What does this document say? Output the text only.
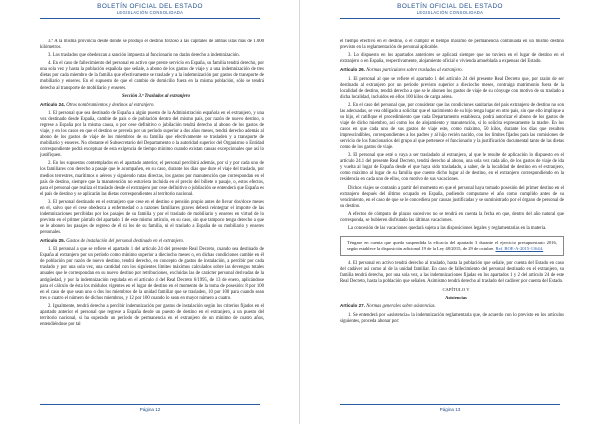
BOLETÍN OFICIAL DEL ESTADO
LEGISLACIÓN CONSOLIDADA

3.º A la misma provincia desde donde se produjo el destino forzoso a las capitales de ambas islas más de 1.000 kilómetros.

3. Los traslados que obedezcan a sanción impuesta al funcionario no darán derecho a indemnización.

4. En el caso de fallecimiento del personal en activo que preste servicio en España, su familia tendrá derecho, por una sola vez y hasta la población española que señale, a abono de los gastos de viaje y a una indemnización de tres dietas por cada miembro de la familia que efectivamente se traslade y a la indemnización por gastos de transporte de mobiliario y enseres. En el supuesto de que el cambio de domicilio fuera en la misma población, sólo se tendrá derecho al transporte de mobiliario y enseres.

Sección 3.ª Traslados al extranjero

Artículo 24. Otros nombramientos y destinos al extranjero.

1. El personal que sea destinado de España a algún puesto de la Administración española en el extranjero, y una vez destinado desde España, cambie de país o de población dentro del mismo país, por razón de nuevo destino, o regrese a España por la misma causa, o por cese definitivo o jubilación tendrá derecho al abono de los gastos de viaje, y en los casos en que el destino se preveía por un período superior a dos años meses, tendrá derecho además al abono de los gastos de viaje de los miembros de su familia que efectivamente se trasladen y a transporte de mobiliario y enseres. No obstante el Subsecretario del Departamento o la autoridad superior del Organismo o Entidad correspondiente podrá exceptuar de esta exigencia de tiempo mínimo cuando existan causas excepcionales que así lo justifiquen.

2. En los supuestos contemplados en el apartado anterior, el personal percibirá además, por sí y por cada uno de los familiares con derecho a pasaje que le acompañen, en su caso, durante los días que dure el viaje del traslado, por medios terrestres, marítimos o aéreos y siguiendo rutas directas, los gastos por manutención que correspondan en el país de destino, siempre que la manutención no estuviera incluida en el precio del billete o pasaje, o, estos efectos, para el personal que realiza el traslado desde el extranjero por cese definitivo o jubilación se entenderá que España es el país de destino y se aplicarán las dietas correspondientes al territorio nacional.

3. El personal destinado en el extranjero que cese en el destino o pensión propio antes de llevar dos/doce meses en el, salvo que el cese obedezca a enfermedad o a razones familiares graves deberá reintegrar el importe de las indemnizaciones percibidas por los pasajes de su familia y por el traslado de mobiliario y enseres en virtud de lo previsto en el primer párrafo del apartado 1 de este mismo artículo, en su caso, sin que tampoco tenga derecho a que se le abonen los pasajes de regreso de él ni los de su familia, ni el traslado a España de su mobiliario y enseres personales.

Artículo 25. Gastos de instalación del personal destinado en el extranjero.

1. El personal a que se refiere el apartado 1 del artículo 24 del presente Real Decreto, cuando sea destinado de España al extranjero por un período como mínimo superior a dieciocho meses o, en dichas condiciones cambie en él de población por razón de nuevo destino, tendrá derecho, en concepto de gastos de instalación, a percibir por cada traslado y por una sola vez, una cantidad con los siguientes límites máximos calculados sobre las devengos totales anuales que le correspondan en su nuevo destino por retribuciones, excluidas las de carácter personal derivadas de la antigüedad, y por la indemnización regulada en el artículo 4 del Real Decreto 6/1995, de 13 de enero, aplicándose para el cálculo de ésta los módulos vigentes en el lugar de destino en el momento de la toma de posesión: 8 por 100 en el caso de que sean uno o dos los miembros de la unidad familiar que se trasladen, 10 por 100 para cuando sean tres o cuatro el número de dichos miembros, y 12 por 100 cuando lo sean en mayor número a cuatro.

2. Igualmente, tendrá derecho a percibir indemnización por gastos de instalación según los criterios fijados en el apartado anterior el personal que regrese a España desde un puesto de destino en el extranjero, a un puesto del territorio nacional, si ha superado un período de permanencia en el extranjero de un mínimo de cuatro años, entendiéndose por tal

Página 12
BOLETÍN OFICIAL DEL ESTADO
LEGISLACIÓN CONSOLIDADA

el tiempo efectivo en el destino, o el cumplir el tiempo máximo de permanencia continuada en un mismo destino previsto en la reglamentación de personal aplicable.

3. Lo dispuesto en los apartados anteriores se aplicará siempre que no tuviera en el lugar de destino en el extranjero o en España, respectivamente, alojamiento oficial o vivienda amueblada a expensas del Estado.

Artículo 26. Normas particulares sobre traslados al extranjero.

1. El personal al que se refiere el apartado 1 del artículo 24 del presente Real Decreto que, por razón de ser destinado al extranjero por un período previsto superior a dieciocho meses, contraiga matrimonio fuera de la localidad de destino, tendrá derecho a que se le abonen los gastos de viaje de su cónyuge con motivo de su traslado a dicha localidad, incluidos en ellos 100 kilos de carga aérea.

2. En el caso del personal que, por considerar que las condiciones sanitarias del país extranjero de destino no son las adecuadas, se vea obligado a solicitar que el nacimiento de su hijo tenga lugar en otro país, sin que ello implique a su hijo, el ratifique el procedimiento que cada Departamento establezca, podrá autorizar el abono de los gastos de viaje de dicho miembro, así como los de alojamiento y manutención, si lo solicita expresamente la madre. En los casos en que cada uno de sus gastos de viaje este, como máximo, 50 kilos, durante los días que resulten imprescindibles, correspondientes a los padres y al hijo recién nacido, con los límites fijados para las comisiones de servicio de los funcionarios del grupo al que pertenece el funcionario y la justificación documental tanto de las dietas como de los gastos de viaje.

3. El personal que esté o vaya a ser trasladado al extranjero, al que le resulte de aplicación lo dispuesto en el artículo 24.1 del presente Real Decreto, tendrá derecho al abono, una sola vez cada año, de los gastos de viaje de ida y vuelta al lugar de España desde el que haya sido trasladado, a saber, de la localidad de destino en el extranjero, como máximo al lugar de su familia que cuente dicho lugar al de destino, en el extranjero correspondiendo en la residencia en cada uno de ellos, con motivo de sus vacaciones.

Dichos viajes se contarán a partir del momento en que el personal haya tomado posesión del primer destino en el extranjero después del último ocupado en España, pudiendo computarse el año como cumplido antes de su vencimiento, en el caso de que se le concediera por causas justificadas y se suministrado por el órgano de personal de su destino.

A efectos de cómputo de plazos sucesivos no se tendrá en cuenta la fecha en que, dentro del año natural que corresponda, se hubieren disfrutado las últimas vacaciones.

La concesión de las vacaciones quedará sujeta a las disposiciones legales y reglamentarias en la materia.

Téngase en cuenta que queda suspendida la eficacia del apartado 3 durante el ejercicio presupuestario 2016, según establece la disposición adicional 19 de la Ley 48/2015, de 29 de octubre. Ref. BOE-A-2015-11644.

4. El personal en activo tendrá derecho al traslado, hasta la población que señale, por cuenta del Estado en caso del cadáver así como al de la unidad familiar. En caso de fallecimiento del personal destinado en el extranjero, su familia tendrá derecho, por una sola vez, a las indemnizaciones fijadas en los apartados 1 y 2 del artículo 24 de este Real Decreto, hasta la población que señalen. Asimismo tendrá derecho al traslado del cadáver por cuenta del Estado.

CAPÍTULO V

Asistencias

Artículo 27. Normas generales sobre asistencias.

1. Se entenderá por «asistencia» la indemnización reglamentaria que, de acuerdo con lo previsto en los artículos siguientes, proceda abonar por:

Página 13
